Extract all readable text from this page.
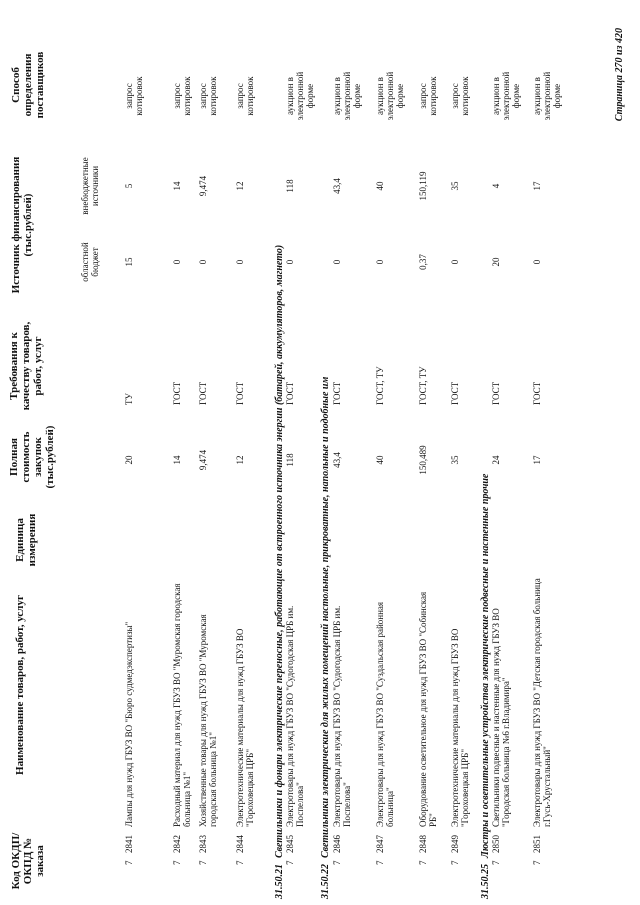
Код ОКДП/ ОКПД № заказа
Наименование товаров, работ, услуг
Единица измерения
Полная стоимость закупок (тыс.рублей)
Требования к качеству товаров, работ, услуг
Источник финансирования (тыс.рублей)
областной бюджет
внебюджетные источники
Способ определения поставщиков
7
2841
Лампы для нужд ГБУЗ ВО "Бюро судмедэкспертизы"
20
ТУ
15
5
запрос котировок
7
2842
Расходный материал для нужд ГБУЗ ВО "Муромская городская больница №1"
14
ГОСТ
0
14
запрос котировок
7
2843
Хозяйственные товары для нужд ГБУЗ ВО "Муромская городская больница №1"
9,474
ГОСТ
0
9,474
запрос котировок
7
2844
Электротехнические материалы для нужд ГБУЗ ВО "Гороховецкая ЦРБ"
12
ГОСТ
0
12
запрос котировок
31.50.21Светильники и фонари электрические переносные, работающие от встроенного источника энергии (батарей, аккумуляторов, магнето)
7
2845
Электротовары для нужд ГБУЗ ВО "Судогодская ЦРБ им. Поспелова"
118
ГОСТ
0
118
аукцион в электронной форме
31.50.22Светильники электрические для жилых помещений настольные, прикроватные, напольные и подобные им
7
2846
Электротовары для нужд ГБУЗ ВО "Судогодская ЦРБ им. Поспелова"
43,4
ГОСТ
0
43,4
аукцион в электронной форме
7
2847
Электротовары для нужд ГБУЗ ВО "Суздальская районная больница"
40
ГОСТ, ТУ
0
40
аукцион в электронной форме
7
2848
Оборудование осветительное для нужд ГБУЗ ВО "Собинская РБ"
150,489
ГОСТ, ТУ
0,37
150,119
запрос котировок
7
2849
Электротехнические материалы для нужд ГБУЗ ВО "Гороховецкая ЦРБ"
35
ГОСТ
0
35
запрос котировок
31.50.25Люстры и осветительные устройства электрические подвесные и настенные прочие
7
2850
Светильники подвесные и настенные для нужд ГБУЗ ВО "Городская больница №6 г.Владимира"
24
ГОСТ
20
4
аукцион в электронной форме
7
2851
Электротовары для нужд ГБУЗ ВО "Детская городская больница г.Гусь-Хрустальный"
17
ГОСТ
0
17
аукцион в электронной форме	Страница 270 из 420
